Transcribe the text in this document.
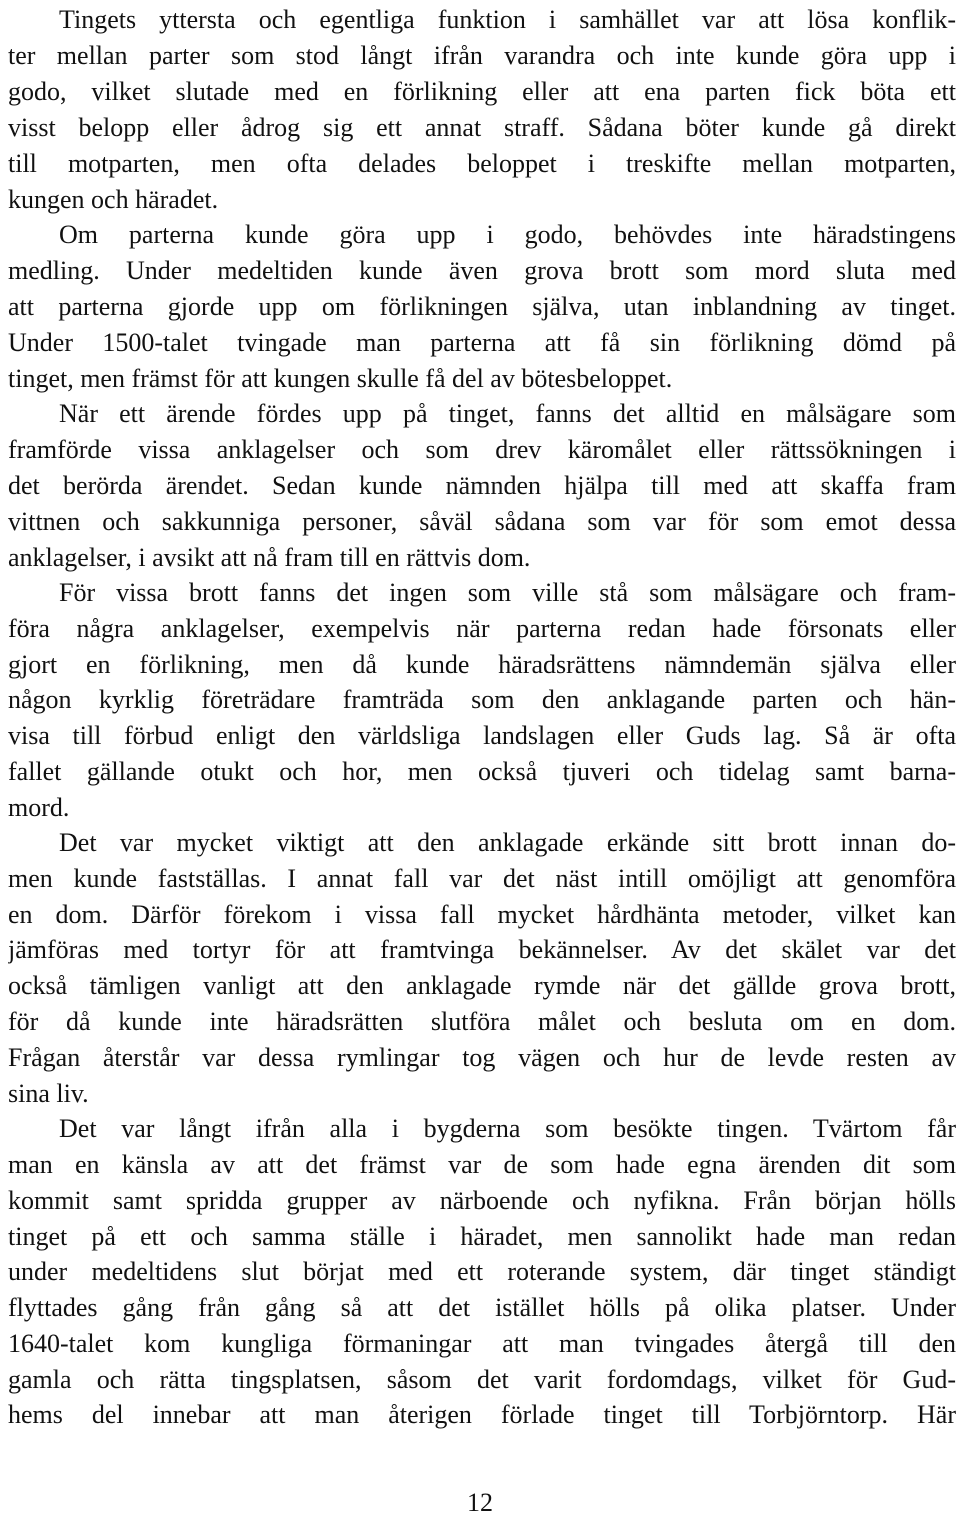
Tingets yttersta och egentliga funktion i samhället var att lösa konflik-
ter mellan parter som stod långt ifrån varandra och inte kunde göra upp i
godo, vilket slutade med en förlikning eller att ena parten fick böta ett
visst belopp eller ådrog sig ett annat straff. Sådana böter kunde gå direkt
till motparten, men ofta delades beloppet i treskifte mellan motparten,
kungen och häradet.
Om parterna kunde göra upp i godo, behövdes inte häradstingens
medling. Under medeltiden kunde även grova brott som mord sluta med
att parterna gjorde upp om förlikningen själva, utan inblandning av tinget.
Under 1500-talet tvingade man parterna att få sin förlikning dömd på
tinget, men främst för att kungen skulle få del av bötesbeloppet.
När ett ärende fördes upp på tinget, fanns det alltid en målsägare som
framförde vissa anklagelser och som drev käromålet eller rättssökningen i
det berörda ärendet. Sedan kunde nämnden hjälpa till med att skaffa fram
vittnen och sakkunniga personer, såväl sådana som var för som emot dessa
anklagelser, i avsikt att nå fram till en rättvis dom.
För vissa brott fanns det ingen som ville stå som målsägare och fram-
föra några anklagelser, exempelvis när parterna redan hade försonats eller
gjort en förlikning, men då kunde häradsrättens nämndemän själva eller
någon kyrklig företrädare framträda som den anklagande parten och hän-
visa till förbud enligt den världsliga landslagen eller Guds lag. Så är ofta
fallet gällande otukt och hor, men också tjuveri och tidelag samt barna-
mord.
Det var mycket viktigt att den anklagade erkände sitt brott innan do-
men kunde fastställas. I annat fall var det näst intill omöjligt att genomföra
en dom. Därför förekom i vissa fall mycket hårdhänta metoder, vilket kan
jämföras med tortyr för att framtvinga bekännelser. Av det skälet var det
också tämligen vanligt att den anklagade rymde när det gällde grova brott,
för då kunde inte häradsrätten slutföra målet och besluta om en dom.
Frågan återstår var dessa rymlingar tog vägen och hur de levde resten av
sina liv.
Det var långt ifrån alla i bygderna som besökte tingen. Tvärtom får
man en känsla av att det främst var de som hade egna ärenden dit som
kommit samt spridda grupper av närboende och nyfikna. Från början hölls
tinget på ett och samma ställe i häradet, men sannolikt hade man redan
under medeltidens slut börjat med ett roterande system, där tinget ständigt
flyttades gång från gång så att det istället hölls på olika platser. Under
1640-talet kom kungliga förmaningar att man tvingades återgå till den
gamla och rätta tingsplatsen, såsom det varit fordomdags, vilket för Gud-
hems del innebar att man återigen förlade tinget till Torbjörntorp. Här
12
